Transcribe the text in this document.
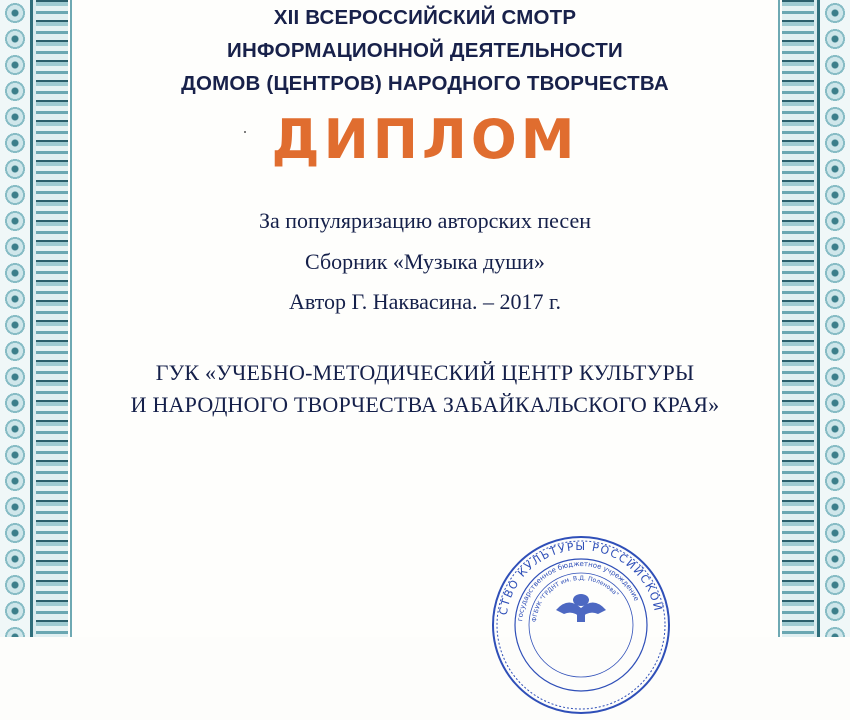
XII ВСЕРОССИЙСКИЙ СМОТР
ИНФОРМАЦИОННОЙ ДЕЯТЕЛЬНОСТИ
ДОМОВ (ЦЕНТРОВ) НАРОДНОГО ТВОРЧЕСТВА
ДИПЛОМ
За популяризацию авторских песен
Сборник «Музыка души»
Автор Г. Наквасина. – 2017 г.
ГУК «УЧЕБНО-МЕТОДИЧЕСКИЙ ЦЕНТР КУЛЬТУРЫ
И НАРОДНОГО ТВОРЧЕСТВА ЗАБАЙКАЛЬСКОГО КРАЯ»
СТВО КУЛЬТУРЫ РОССИЙСКОЙ
государственное бюджетное учреждение
ФГБУК "ГРДНТ им. В.Д. Поленова"
